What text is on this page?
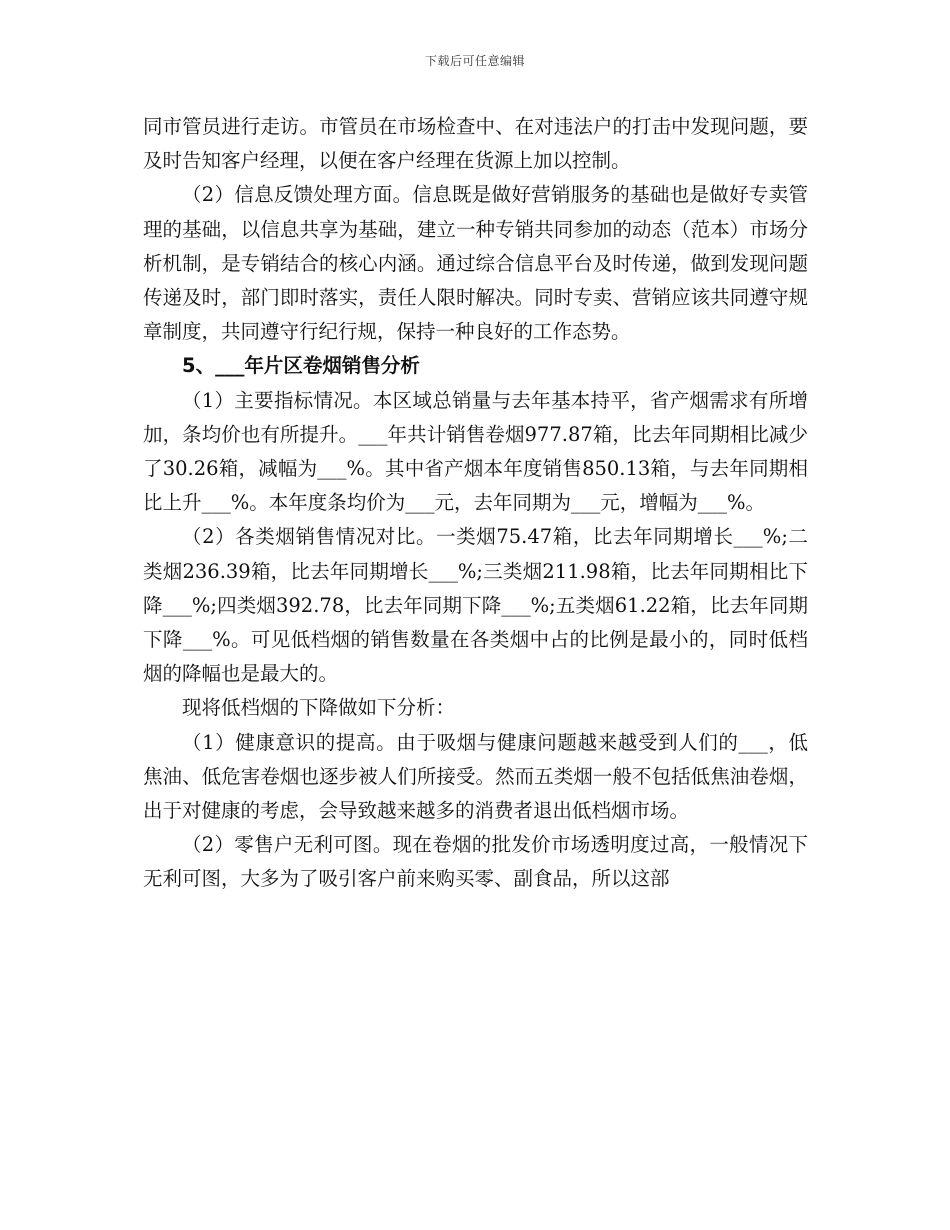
下载后可任意编辑

同市管员进行走访。市管员在市场检查中、在对违法户的打击中发现问题，要及时告知客户经理，以便在客户经理在货源上加以控制。

（2）信息反馈处理方面。信息既是做好营销服务的基础也是做好专卖管理的基础，以信息共享为基础，建立一种专销共同参加的动态（范本）市场分析机制，是专销结合的核心内涵。通过综合信息平台及时传递，做到发现问题传递及时，部门即时落实，责任人限时解决。同时专卖、营销应该共同遵守规章制度，共同遵守行纪行规，保持一种良好的工作态势。

5、___年片区卷烟销售分析

（1）主要指标情况。本区域总销量与去年基本持平，省产烟需求有所增加，条均价也有所提升。___年共计销售卷烟977.87箱，比去年同期相比减少了30.26箱，减幅为___%。其中省产烟本年度销售850.13箱，与去年同期相比上升___%。本年度条均价为___元，去年同期为___元，增幅为___%。

（2）各类烟销售情况对比。一类烟75.47箱，比去年同期增长___%;二类烟236.39箱，比去年同期增长___%;三类烟211.98箱，比去年同期相比下降___%;四类烟392.78，比去年同期下降___%;五类烟61.22箱，比去年同期下降___%。可见低档烟的销售数量在各类烟中占的比例是最小的，同时低档烟的降幅也是最大的。

现将低档烟的下降做如下分析：

（1）健康意识的提高。由于吸烟与健康问题越来越受到人们的___，低焦油、低危害卷烟也逐步被人们所接受。然而五类烟一般不包括低焦油卷烟，出于对健康的考虑，会导致越来越多的消费者退出低档烟市场。

（2）零售户无利可图。现在卷烟的批发价市场透明度过高，一般情况下无利可图，大多为了吸引客户前来购买零、副食品，所以这部
